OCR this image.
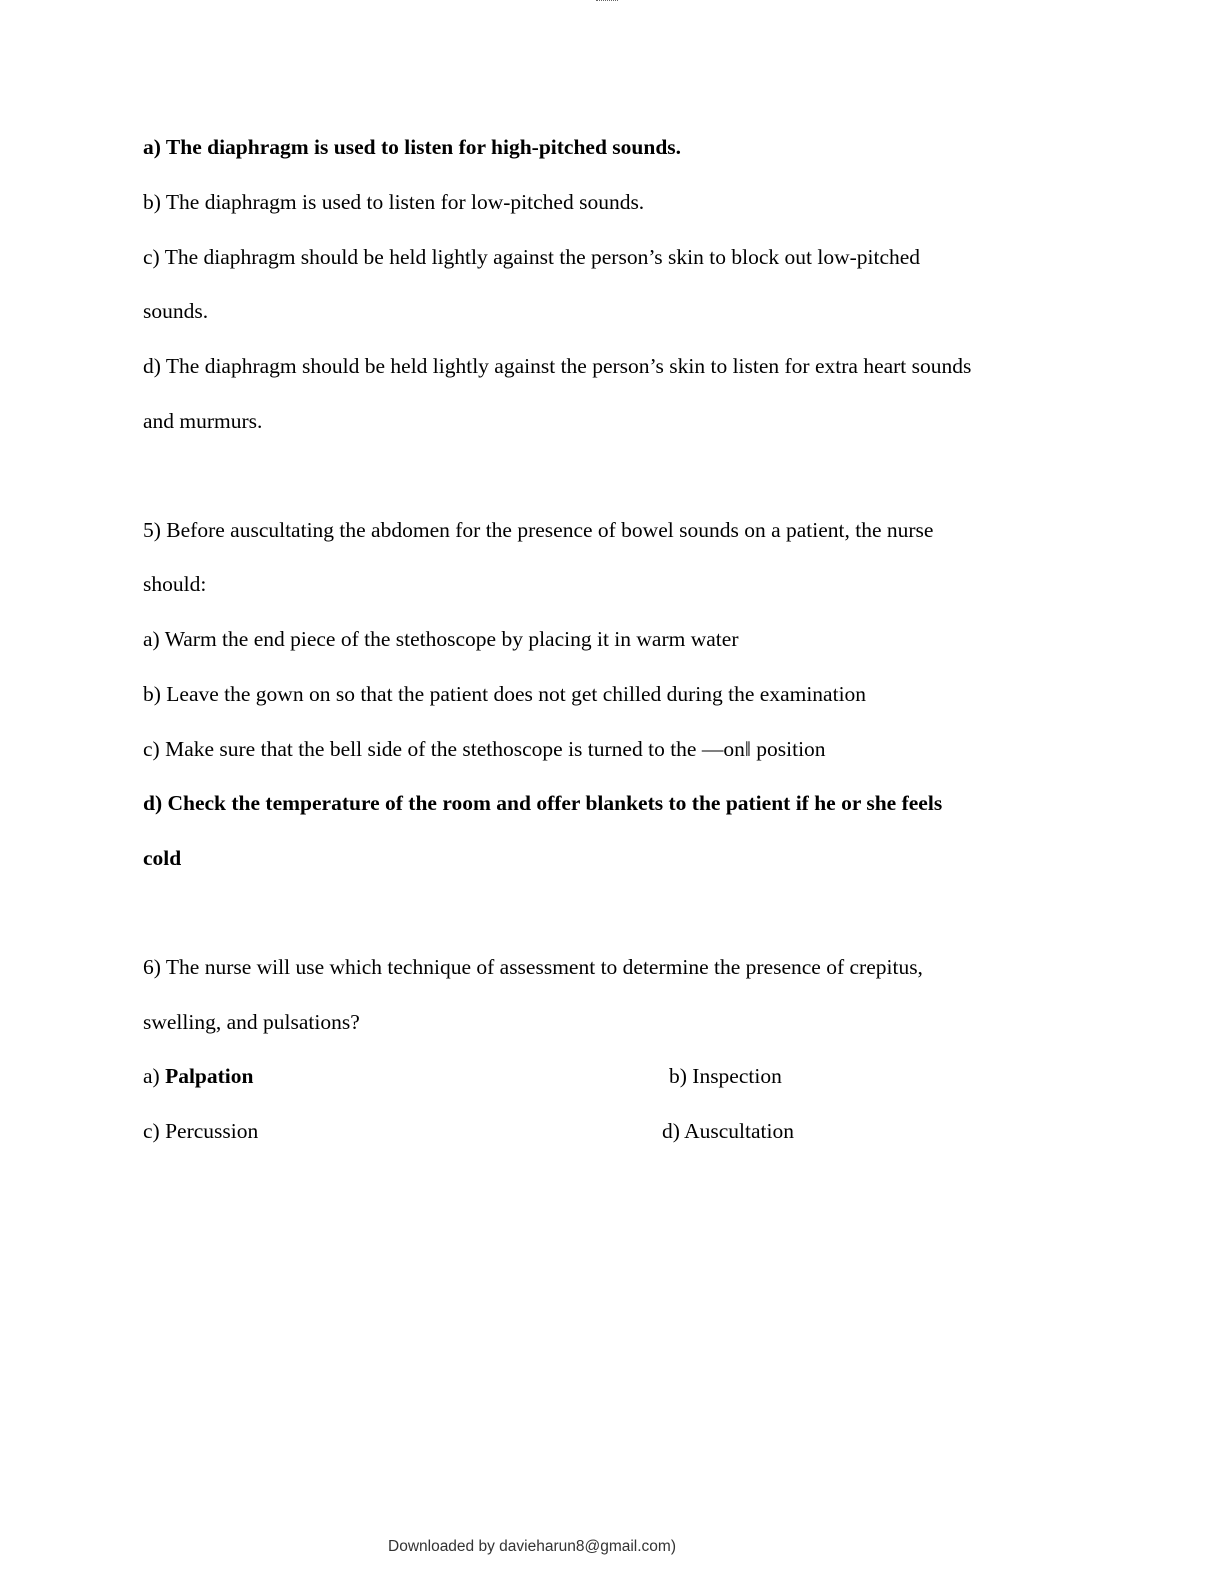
a) The diaphragm is used to listen for high-pitched sounds.
b) The diaphragm is used to listen for low-pitched sounds.
c) The diaphragm should be held lightly against the person’s skin to block out low-pitched
sounds.
d) The diaphragm should be held lightly against the person’s skin to listen for extra heart sounds
and murmurs.
5) Before auscultating the abdomen for the presence of bowel sounds on a patient, the nurse
should:
a) Warm the end piece of the stethoscope by placing it in warm water
b) Leave the gown on so that the patient does not get chilled during the examination
c) Make sure that the bell side of the stethoscope is turned to the ―on‖ position
d) Check the temperature of the room and offer blankets to the patient if he or she feels
cold
6) The nurse will use which technique of assessment to determine the presence of crepitus,
swelling, and pulsations?
a) Palpation	b) Inspection
c) Percussion	d) Auscultation
Downloaded by davieharun8@gmail.com)
